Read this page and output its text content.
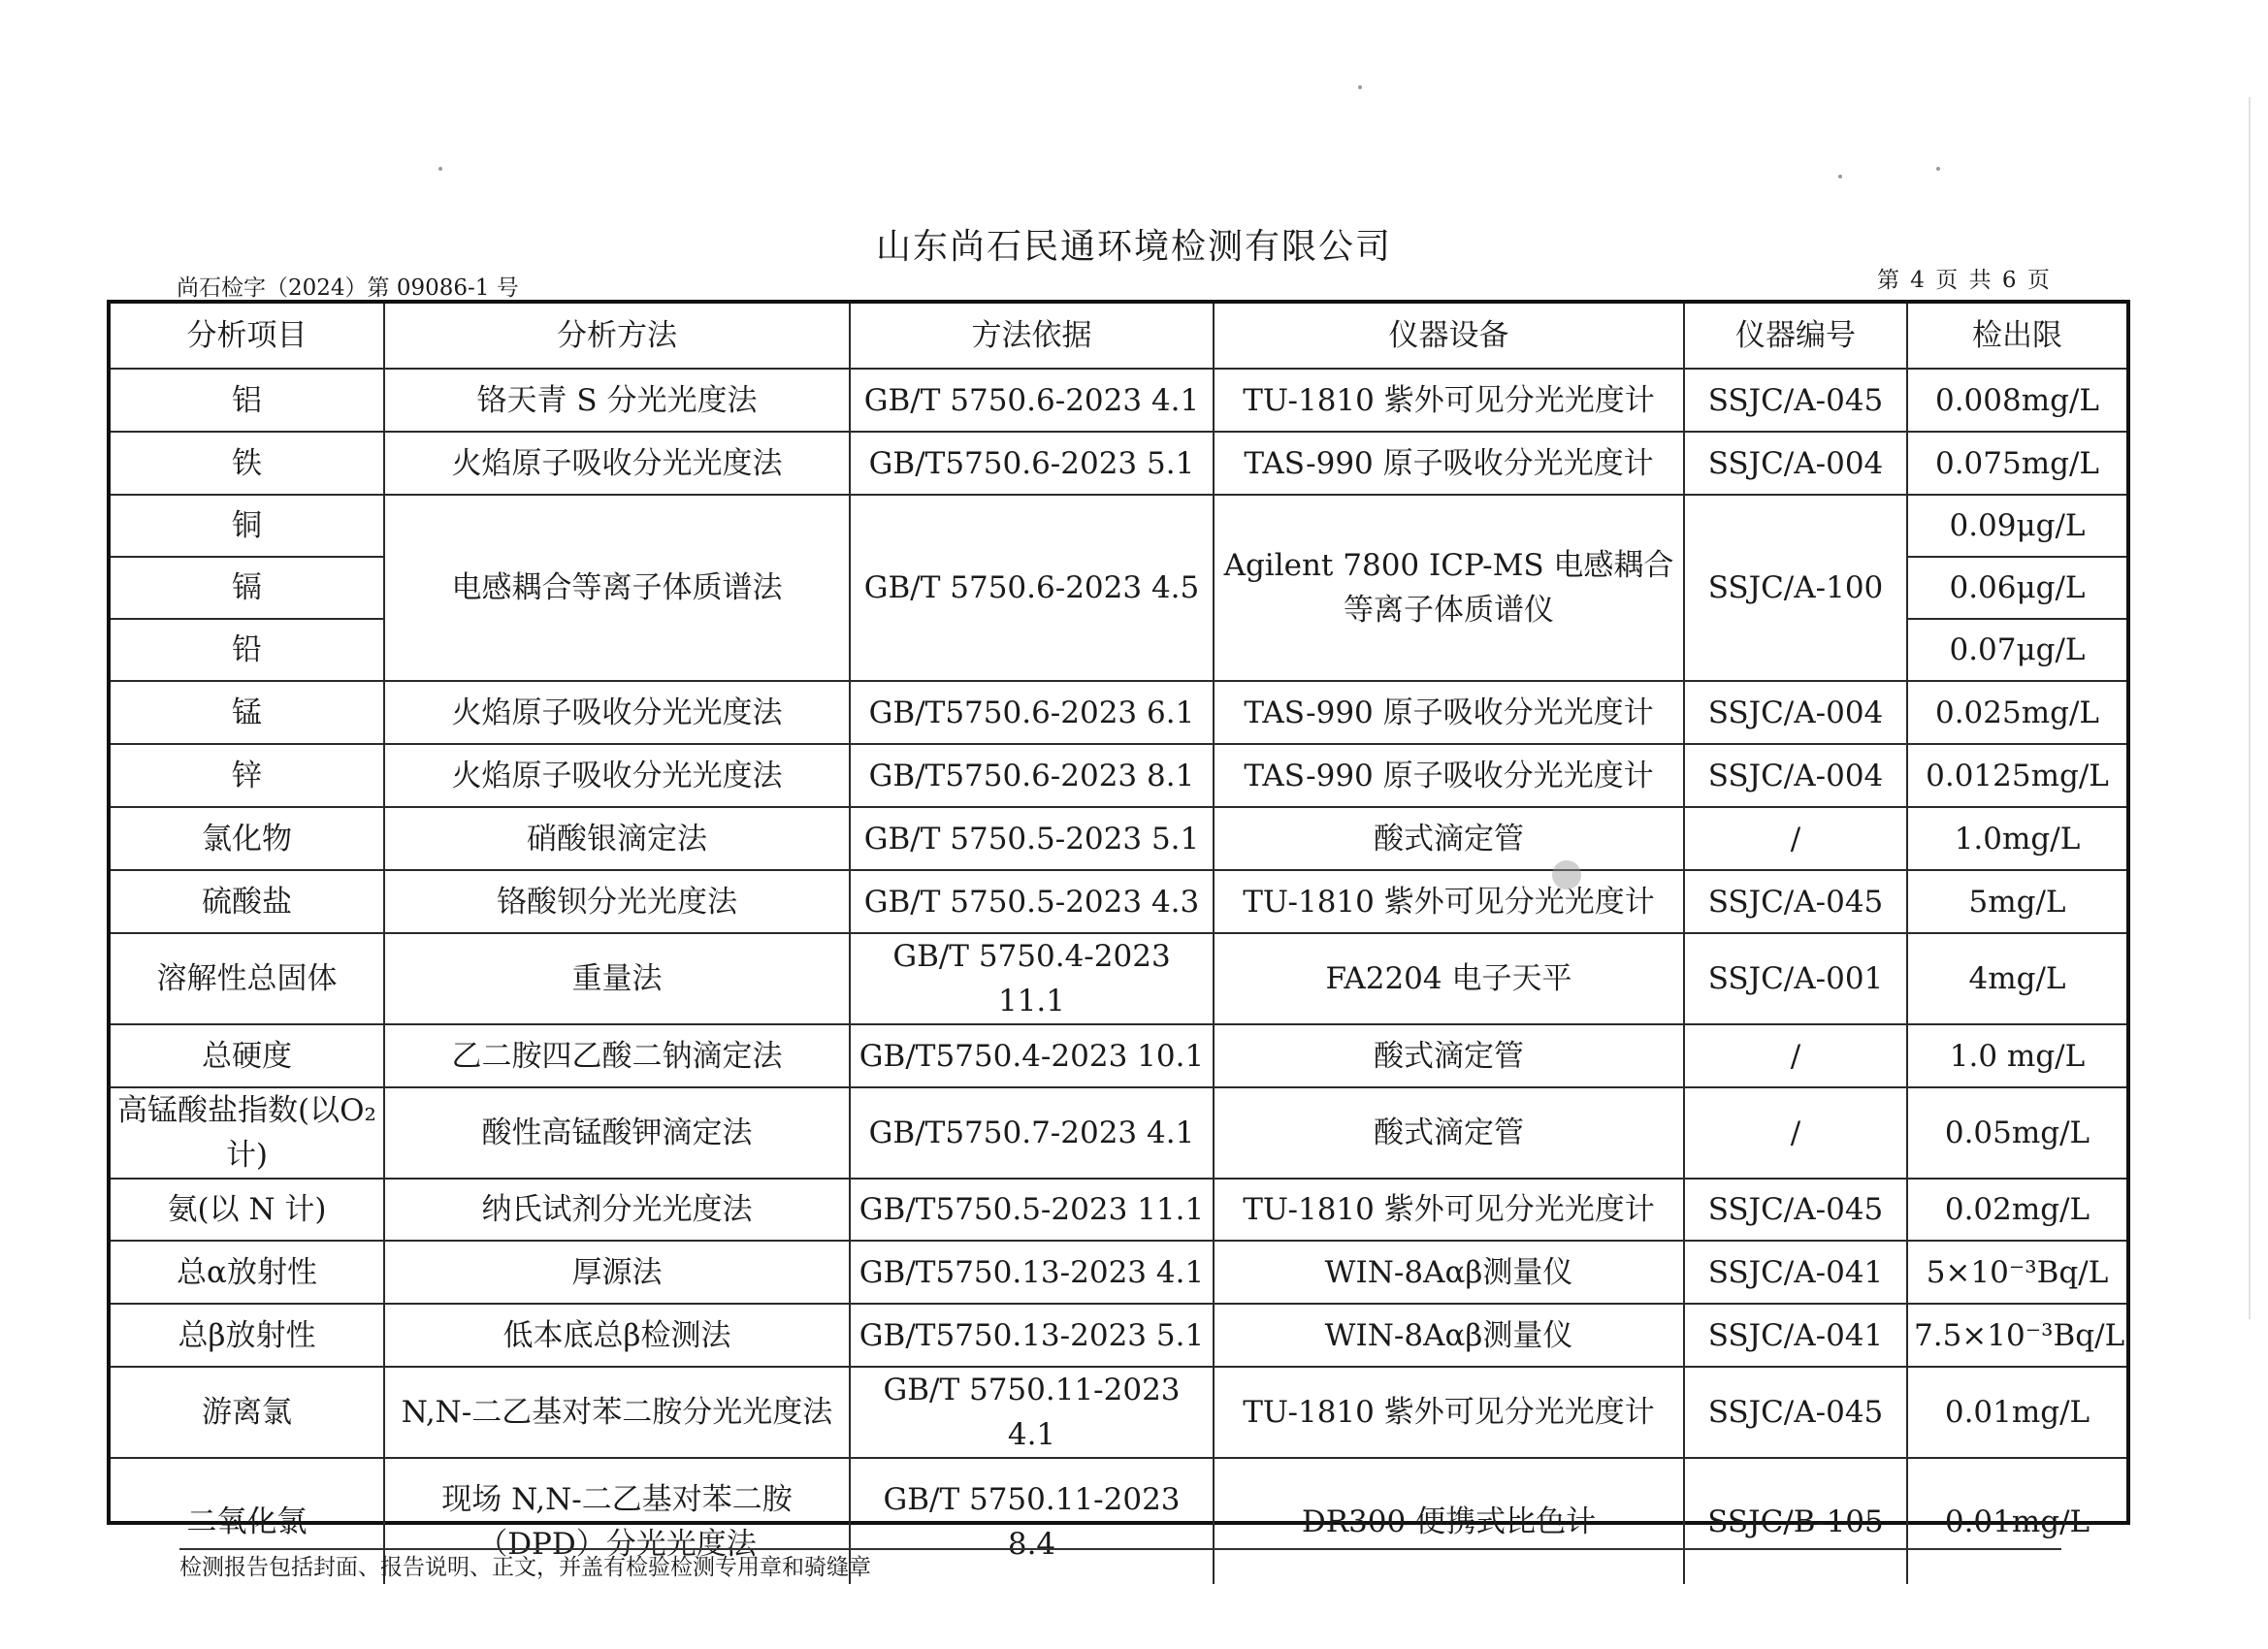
山东尚石民通环境检测有限公司
尚石检字（2024）第 09086-1 号	第 4 页 共 6 页
分析项目	分析方法	方法依据	仪器设备	仪器编号	检出限
铝	铬天青 S 分光光度法	GB/T 5750.6-2023 4.1	TU-1810 紫外可见分光光度计	SSJC/A-045	0.008mg/L
铁	火焰原子吸收分光光度法	GB/T5750.6-2023 5.1	TAS-990 原子吸收分光光度计	SSJC/A-004	0.075mg/L
铜	电感耦合等离子体质谱法	GB/T 5750.6-2023 4.5	Agilent 7800 ICP-MS 电感耦合等离子体质谱仪	SSJC/A-100	0.09μg/L
镉					0.06μg/L
铅					0.07μg/L
锰	火焰原子吸收分光光度法	GB/T5750.6-2023 6.1	TAS-990 原子吸收分光光度计	SSJC/A-004	0.025mg/L
锌	火焰原子吸收分光光度法	GB/T5750.6-2023 8.1	TAS-990 原子吸收分光光度计	SSJC/A-004	0.0125mg/L
氯化物	硝酸银滴定法	GB/T 5750.5-2023 5.1	酸式滴定管	/	1.0mg/L
硫酸盐	铬酸钡分光光度法	GB/T 5750.5-2023 4.3	TU-1810 紫外可见分光光度计	SSJC/A-045	5mg/L
溶解性总固体	重量法	GB/T 5750.4-2023 11.1	FA2204 电子天平	SSJC/A-001	4mg/L
总硬度	乙二胺四乙酸二钠滴定法	GB/T5750.4-2023 10.1	酸式滴定管	/	1.0 mg/L
高锰酸盐指数(以O₂计)	酸性高锰酸钾滴定法	GB/T5750.7-2023 4.1	酸式滴定管	/	0.05mg/L
氨(以 N 计)	纳氏试剂分光光度法	GB/T5750.5-2023 11.1	TU-1810 紫外可见分光光度计	SSJC/A-045	0.02mg/L
总α放射性	厚源法	GB/T5750.13-2023 4.1	WIN-8Aαβ测量仪	SSJC/A-041	5×10⁻³Bq/L
总β放射性	低本底总β检测法	GB/T5750.13-2023 5.1	WIN-8Aαβ测量仪	SSJC/A-041	7.5×10⁻³Bq/L
游离氯	N,N-二乙基对苯二胺分光光度法	GB/T 5750.11-2023 4.1	TU-1810 紫外可见分光光度计	SSJC/A-045	0.01mg/L
二氧化氯	现场 N,N-二乙基对苯二胺（DPD）分光光度法	GB/T 5750.11-2023 8.4	DR300 便携式比色计	SSJC/B-105	0.01mg/L
检测报告包括封面、报告说明、正文，并盖有检验检测专用章和骑缝章
